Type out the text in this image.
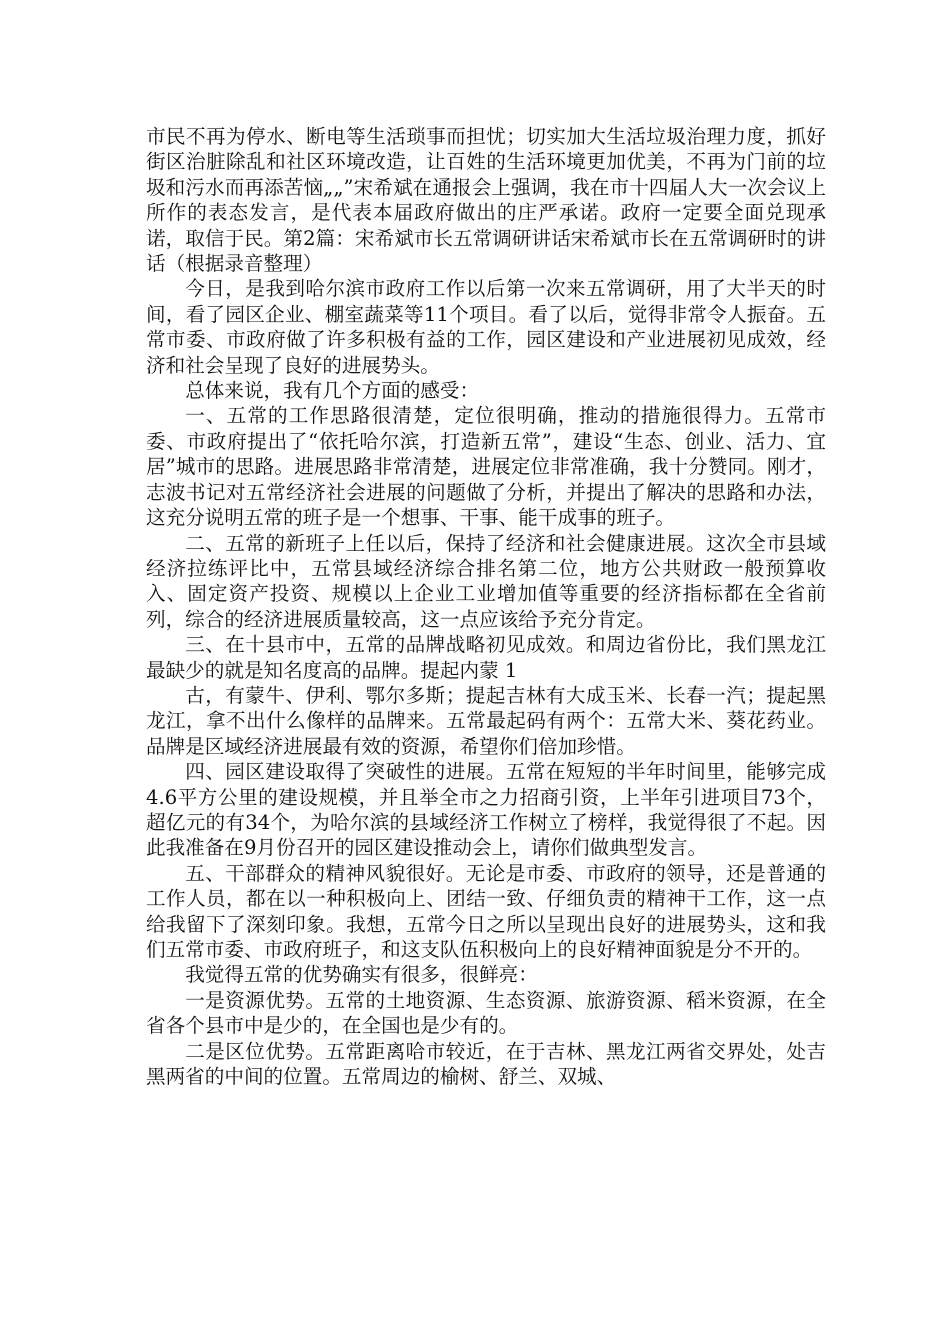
市民不再为停水、断电等生活琐事而担忧；切实加大生活垃圾治理力度，抓好街区治脏除乱和社区环境改造，让百姓的生活环境更加优美，不再为门前的垃圾和污水而再添苦恼„„”宋希斌在通报会上强调，我在市十四届人大一次会议上所作的表态发言，是代表本届政府做出的庄严承诺。政府一定要全面兑现承诺，取信于民。第2篇：宋希斌市长五常调研讲话宋希斌市长在五常调研时的讲话（根据录音整理）

今日，是我到哈尔滨市政府工作以后第一次来五常调研，用了大半天的时间，看了园区企业、棚室蔬菜等11个项目。看了以后，觉得非常令人振奋。五常市委、市政府做了许多积极有益的工作，园区建设和产业进展初见成效，经济和社会呈现了良好的进展势头。

总体来说，我有几个方面的感受：

一、五常的工作思路很清楚，定位很明确，推动的措施很得力。五常市委、市政府提出了“依托哈尔滨，打造新五常”，建设“生态、创业、活力、宜居”城市的思路。进展思路非常清楚，进展定位非常准确，我十分赞同。刚才，志波书记对五常经济社会进展的问题做了分析，并提出了解决的思路和办法，这充分说明五常的班子是一个想事、干事、能干成事的班子。

二、五常的新班子上任以后，保持了经济和社会健康进展。这次全市县域经济拉练评比中，五常县域经济综合排名第二位，地方公共财政一般预算收入、固定资产投资、规模以上企业工业增加值等重要的经济指标都在全省前列，综合的经济进展质量较高，这一点应该给予充分肯定。

三、在十县市中，五常的品牌战略初见成效。和周边省份比，我们黑龙江最缺少的就是知名度高的品牌。提起内蒙 1

古，有蒙牛、伊利、鄂尔多斯；提起吉林有大成玉米、长春一汽；提起黑龙江，拿不出什么像样的品牌来。五常最起码有两个：五常大米、葵花药业。品牌是区域经济进展最有效的资源，希望你们倍加珍惜。

四、园区建设取得了突破性的进展。五常在短短的半年时间里，能够完成4.6平方公里的建设规模，并且举全市之力招商引资，上半年引进项目73个，超亿元的有34个，为哈尔滨的县域经济工作树立了榜样，我觉得很了不起。因此我准备在9月份召开的园区建设推动会上，请你们做典型发言。

五、干部群众的精神风貌很好。无论是市委、市政府的领导，还是普通的工作人员，都在以一种积极向上、团结一致、仔细负责的精神干工作，这一点给我留下了深刻印象。我想，五常今日之所以呈现出良好的进展势头，这和我们五常市委、市政府班子，和这支队伍积极向上的良好精神面貌是分不开的。

我觉得五常的优势确实有很多，很鲜亮：

一是资源优势。五常的土地资源、生态资源、旅游资源、稻米资源，在全省各个县市中是少的，在全国也是少有的。

二是区位优势。五常距离哈市较近，在于吉林、黑龙江两省交界处，处吉黑两省的中间的位置。五常周边的榆树、舒兰、双城、
